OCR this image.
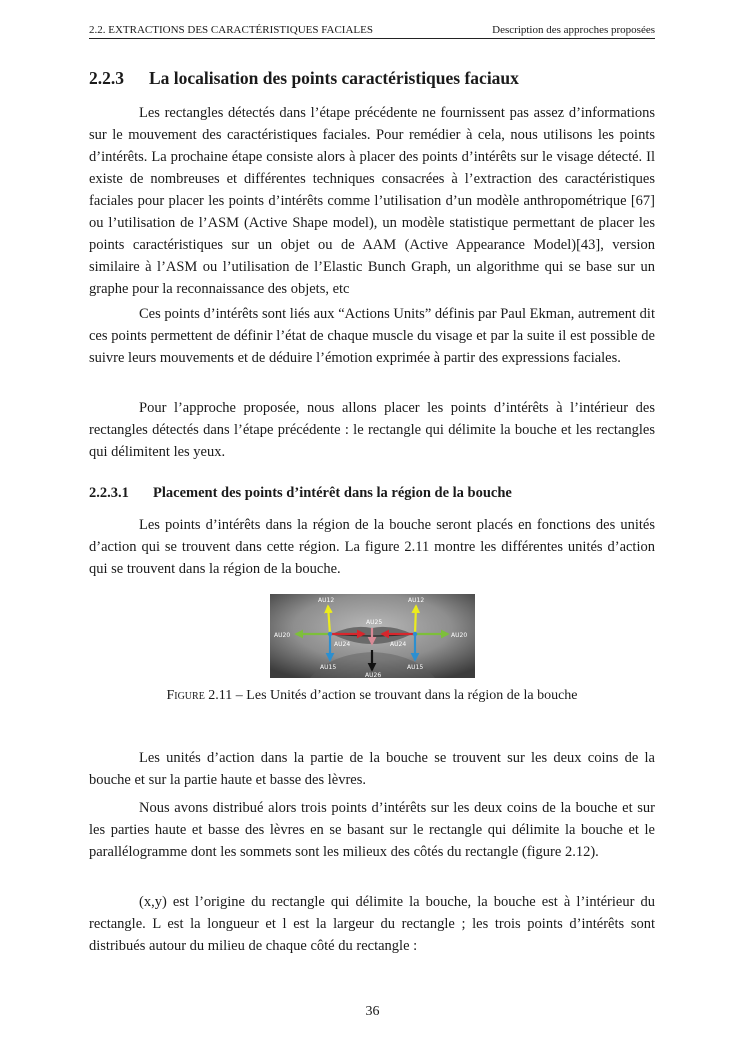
2.2. EXTRACTIONS DES CARACTÉRISTIQUES FACIALES	Description des approches proposées
2.2.3 La localisation des points caractéristiques faciaux

Les rectangles détectés dans l’étape précédente ne fournissent pas assez d’informations sur le mouvement des caractéristiques faciales. Pour remédier à cela, nous utilisons les points d’intérêts. La prochaine étape consiste alors à placer des points d’intérêts sur le visage détecté. Il existe de nombreuses et différentes techniques consacrées à l’extraction des caractéristiques faciales pour placer les points d’intérêts comme l’utilisation d’un modèle anthropométrique [67] ou l’utilisation de l’ASM (Active Shape model), un modèle statistique permettant de placer les points caractéristiques sur un objet ou de AAM (Active Appearance Model)[43], version similaire à l’ASM ou l’utilisation de l’Elastic Bunch Graph, un algorithme qui se base sur un graphe pour la reconnaissance des objets, etc

Ces points d’intérêts sont liés aux “Actions Units” définis par Paul Ekman, autrement dit ces points permettent de définir l’état de chaque muscle du visage et par la suite il est possible de suivre leurs mouvements et de déduire l’émotion exprimée à partir des expressions faciales.

Pour l’approche proposée, nous allons placer les points d’intérêts à l’intérieur des rectangles détectés dans l’étape précédente : le rectangle qui délimite la bouche et les rectangles qui délimitent les yeux.

2.2.3.1 Placement des points d’intérêt dans la région de la bouche

Les points d’intérêts dans la région de la bouche seront placés en fonctions des unités d’action qui se trouvent dans cette région. La figure 2.11 montre les différentes unités d’action qui se trouvent dans la région de la bouche.

AU12	AU12
AU25
AU20	AU20
AU24	AU24
AU15	AU15
AU26

Figure 2.11 – Les Unités d’action se trouvant dans la région de la bouche

Les unités d’action dans la partie de la bouche se trouvent sur les deux coins de la bouche et sur la partie haute et basse des lèvres.

Nous avons distribué alors trois points d’intérêts sur les deux coins de la bouche et sur les parties haute et basse des lèvres en se basant sur le rectangle qui délimite la bouche et le parallélogramme dont les sommets sont les milieux des côtés du rectangle (figure 2.12).

(x,y) est l’origine du rectangle qui délimite la bouche, la bouche est à l’intérieur du rectangle. L est la longueur et l est la largeur du rectangle ; les trois points d’intérêts sont distribués autour du milieu de chaque côté du rectangle :

36
